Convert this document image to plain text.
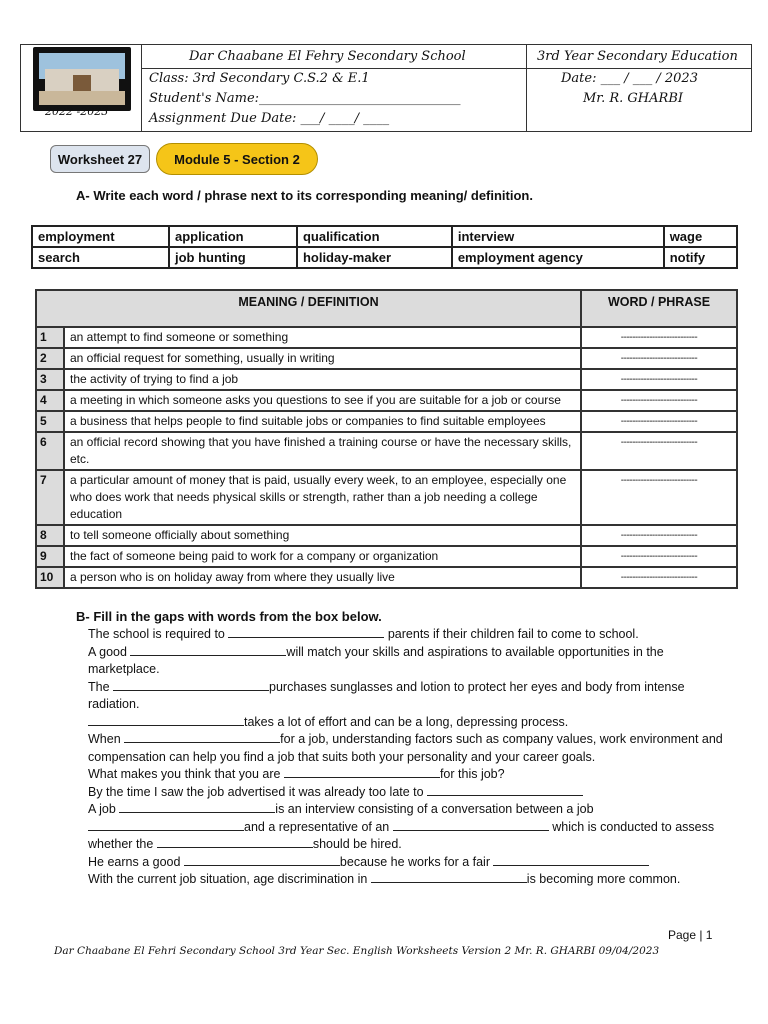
2022 -2023
Dar Chaabane El Fehry Secondary School	3rd Year Secondary Education
Class: 3rd Secondary C.S.2 & E.1
Student's Name:_______________________________
Assignment Due Date: ___/ ____/ ____
Date: ___ / ___ / 2023
Mr. R. GHARBI
Worksheet 27	Module 5 - Section 2
A- Write each word / phrase next to its corresponding meaning/ definition.
employment	application	qualification	interview	wage
search	job hunting	holiday-maker	employment agency	notify
MEANING / DEFINITION		WORD / PHRASE
1	an attempt to find someone or something	---------------------------
2	an official request for something, usually in writing	---------------------------
3	the activity of trying to find a job	---------------------------
4	a meeting in which someone asks you questions to see if you are suitable for a job or course	---------------------------
5	a business that helps people to find suitable jobs or companies to find suitable employees	---------------------------
6	an official record showing that you have finished a training course or have the necessary skills, etc.	---------------------------
7	a particular amount of money that is paid, usually every week, to an employee, especially one who does work that needs physical skills or strength, rather than a job needing a college education	---------------------------
8	to tell someone officially about something	---------------------------
9	the fact of someone being paid to work for a company or organization	---------------------------
10	a person who is on holiday away from where they usually live	---------------------------
B- Fill in the gaps with words from the box below.

The school is required to	parents if their children fail to come to school.

A good	will match your skills and aspirations to available opportunities in the marketplace.

The	purchases sunglasses and lotion to protect her eyes and body from intense radiation.

takes a lot of effort and can be a long, depressing process.

When	for a job, understanding factors such as company values, work environment and compensation can help you find a job that suits both your personality and your career goals.

What makes you think that you are	for this job?

By the time I saw the job advertised it was already too late to

A job	is an interview consisting of a conversation between a job and a representative of an	which is conducted to assess whether the	should be hired.

He earns a good	because he works for a fair

With the current job situation, age discrimination in	is becoming more common.

Page | 1
Dar Chaabane El Fehri Secondary School 3rd Year Sec. English Worksheets Version 2 Mr. R. GHARBI 09/04/2023
